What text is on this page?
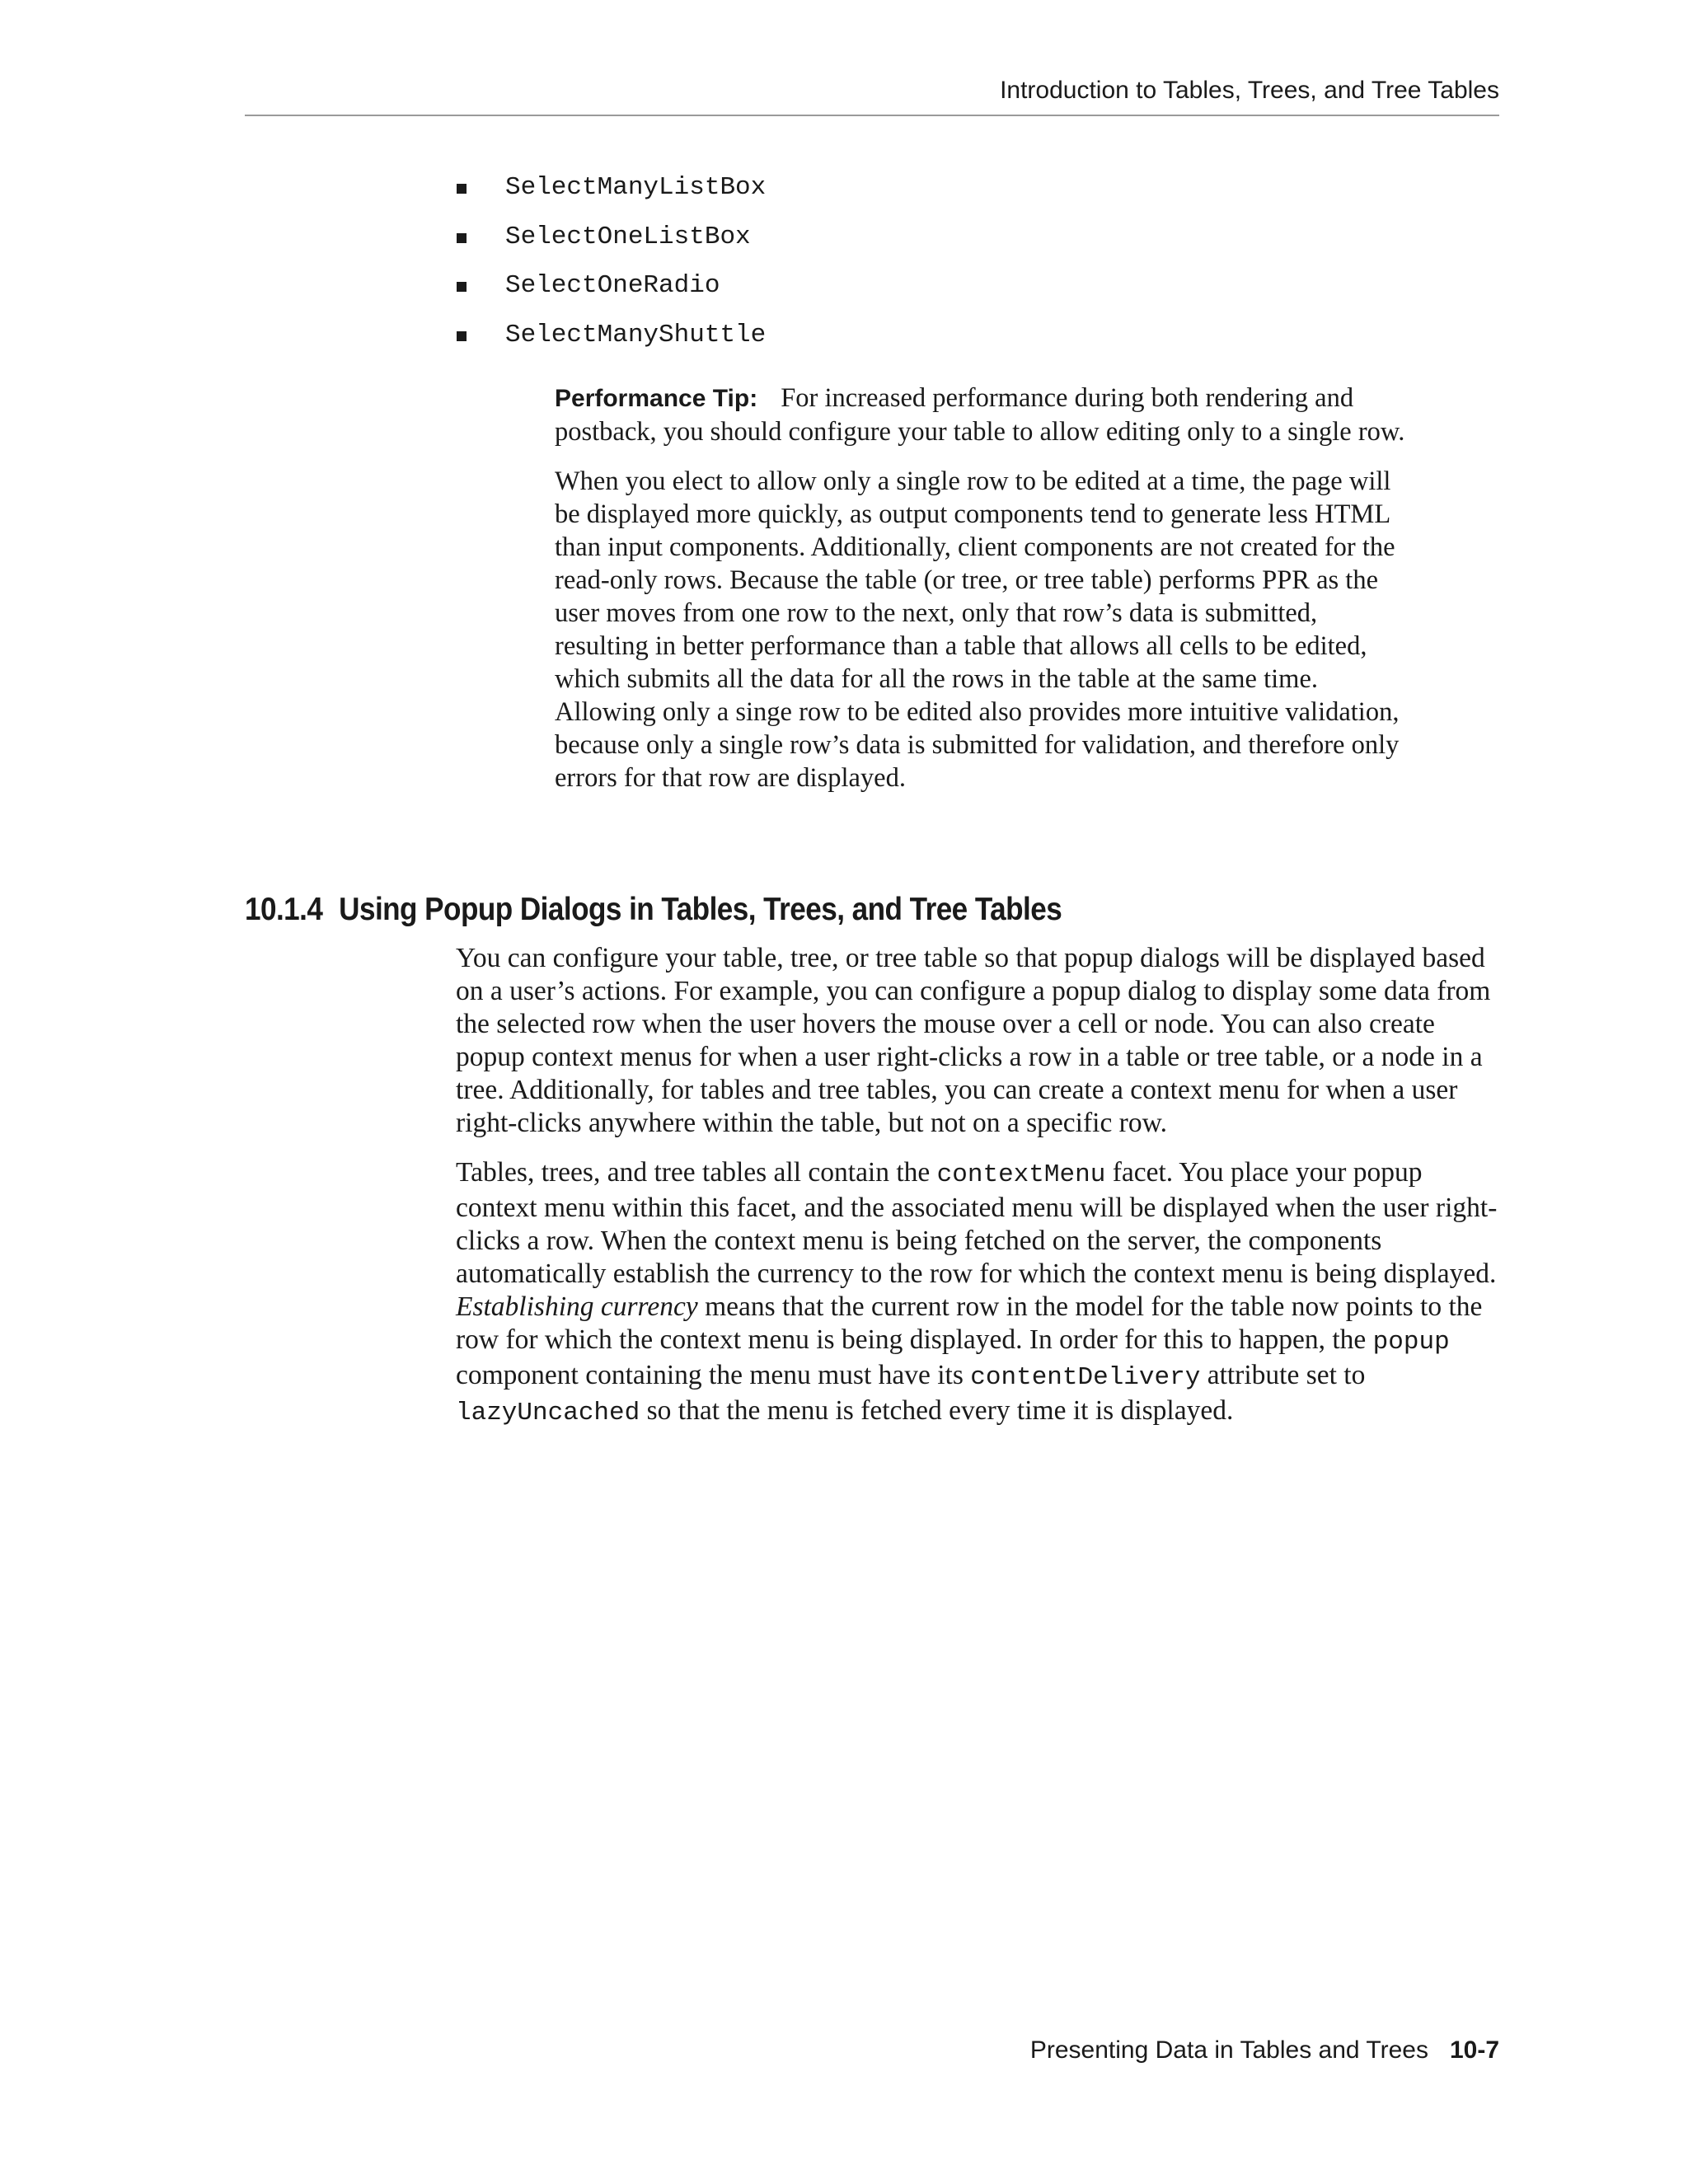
Introduction to Tables, Trees, and Tree Tables
SelectManyListBox
SelectOneListBox
SelectOneRadio
SelectManyShuttle

Performance Tip: For increased performance during both rendering and postback, you should configure your table to allow editing only to a single row.

When you elect to allow only a single row to be edited at a time, the page will be displayed more quickly, as output components tend to generate less HTML than input components. Additionally, client components are not created for the read-only rows. Because the table (or tree, or tree table) performs PPR as the user moves from one row to the next, only that row’s data is submitted, resulting in better performance than a table that allows all cells to be edited, which submits all the data for all the rows in the table at the same time. Allowing only a singe row to be edited also provides more intuitive validation, because only a single row’s data is submitted for validation, and therefore only errors for that row are displayed.

10.1.4 Using Popup Dialogs in Tables, Trees, and Tree Tables

You can configure your table, tree, or tree table so that popup dialogs will be displayed based on a user’s actions. For example, you can configure a popup dialog to display some data from the selected row when the user hovers the mouse over a cell or node. You can also create popup context menus for when a user right-clicks a row in a table or tree table, or a node in a tree. Additionally, for tables and tree tables, you can create a context menu for when a user right-clicks anywhere within the table, but not on a specific row.

Tables, trees, and tree tables all contain the contextMenu facet. You place your popup context menu within this facet, and the associated menu will be displayed when the user right-clicks a row. When the context menu is being fetched on the server, the components automatically establish the currency to the row for which the context menu is being displayed. Establishing currency means that the current row in the model for the table now points to the row for which the context menu is being displayed. In order for this to happen, the popup component containing the menu must have its contentDelivery attribute set to lazyUncached so that the menu is fetched every time it is displayed.

Presenting Data in Tables and Trees 10-7
